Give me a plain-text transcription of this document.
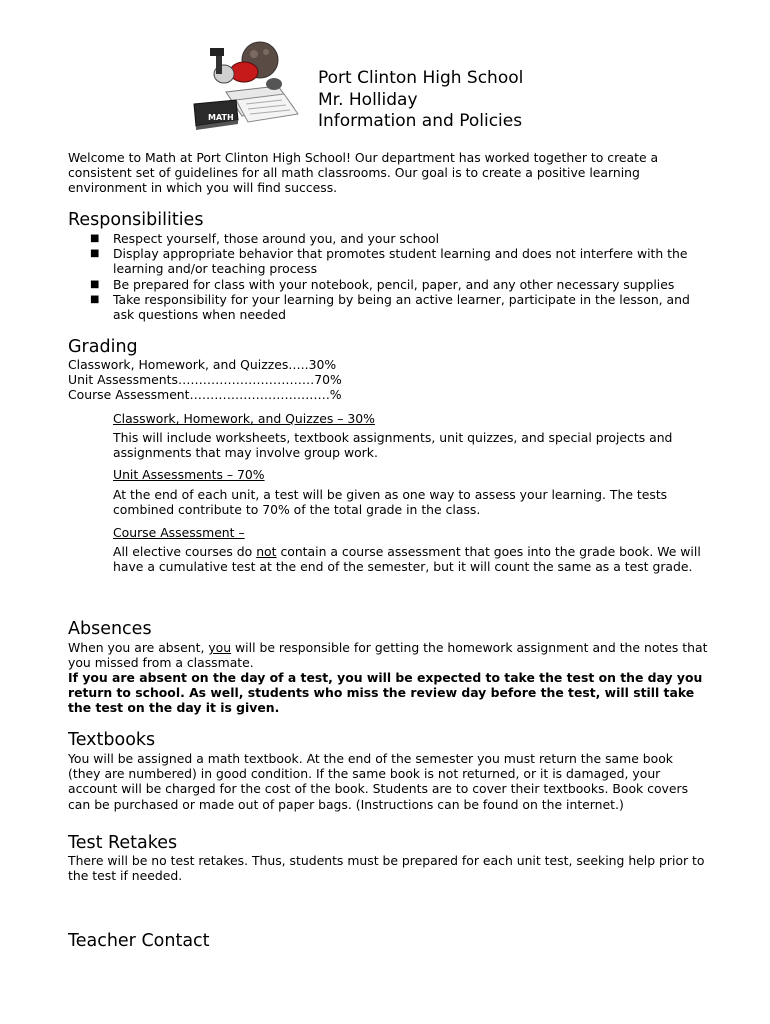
MATH
Port Clinton High School
Mr. Holliday
Information and Policies
Welcome to Math at Port Clinton High School! Our department has worked together to create a consistent set of guidelines for all math classrooms. Our goal is to create a positive learning environment in which you will find success.
Responsibilities
■ Respect yourself, those around you, and your school
■ Display appropriate behavior that promotes student learning and does not interfere with the learning and/or teaching process
■ Be prepared for class with your notebook, pencil, paper, and any other necessary supplies
■ Take responsibility for your learning by being an active learner, participate in the lesson, and ask questions when needed
Grading
Classwork, Homework, and Quizzes…..30%
Unit Assessments……………………………70%
Course Assessment…………………………….%
Classwork, Homework, and Quizzes – 30%
This will include worksheets, textbook assignments, unit quizzes, and special projects and assignments that may involve group work.
Unit Assessments – 70%
At the end of each unit, a test will be given as one way to assess your learning. The tests combined contribute to 70% of the total grade in the class.
Course Assessment –
All elective courses do not contain a course assessment that goes into the grade book. We will have a cumulative test at the end of the semester, but it will count the same as a test grade.
Absences
When you are absent, you will be responsible for getting the homework assignment and the notes that you missed from a classmate.
If you are absent on the day of a test, you will be expected to take the test on the day you return to school. As well, students who miss the review day before the test, will still take the test on the day it is given.
Textbooks
You will be assigned a math textbook. At the end of the semester you must return the same book (they are numbered) in good condition. If the same book is not returned, or it is damaged, your account will be charged for the cost of the book. Students are to cover their textbooks. Book covers can be purchased or made out of paper bags. (Instructions can be found on the internet.)
Test Retakes
There will be no test retakes. Thus, students must be prepared for each unit test, seeking help prior to the test if needed.
Teacher Contact
